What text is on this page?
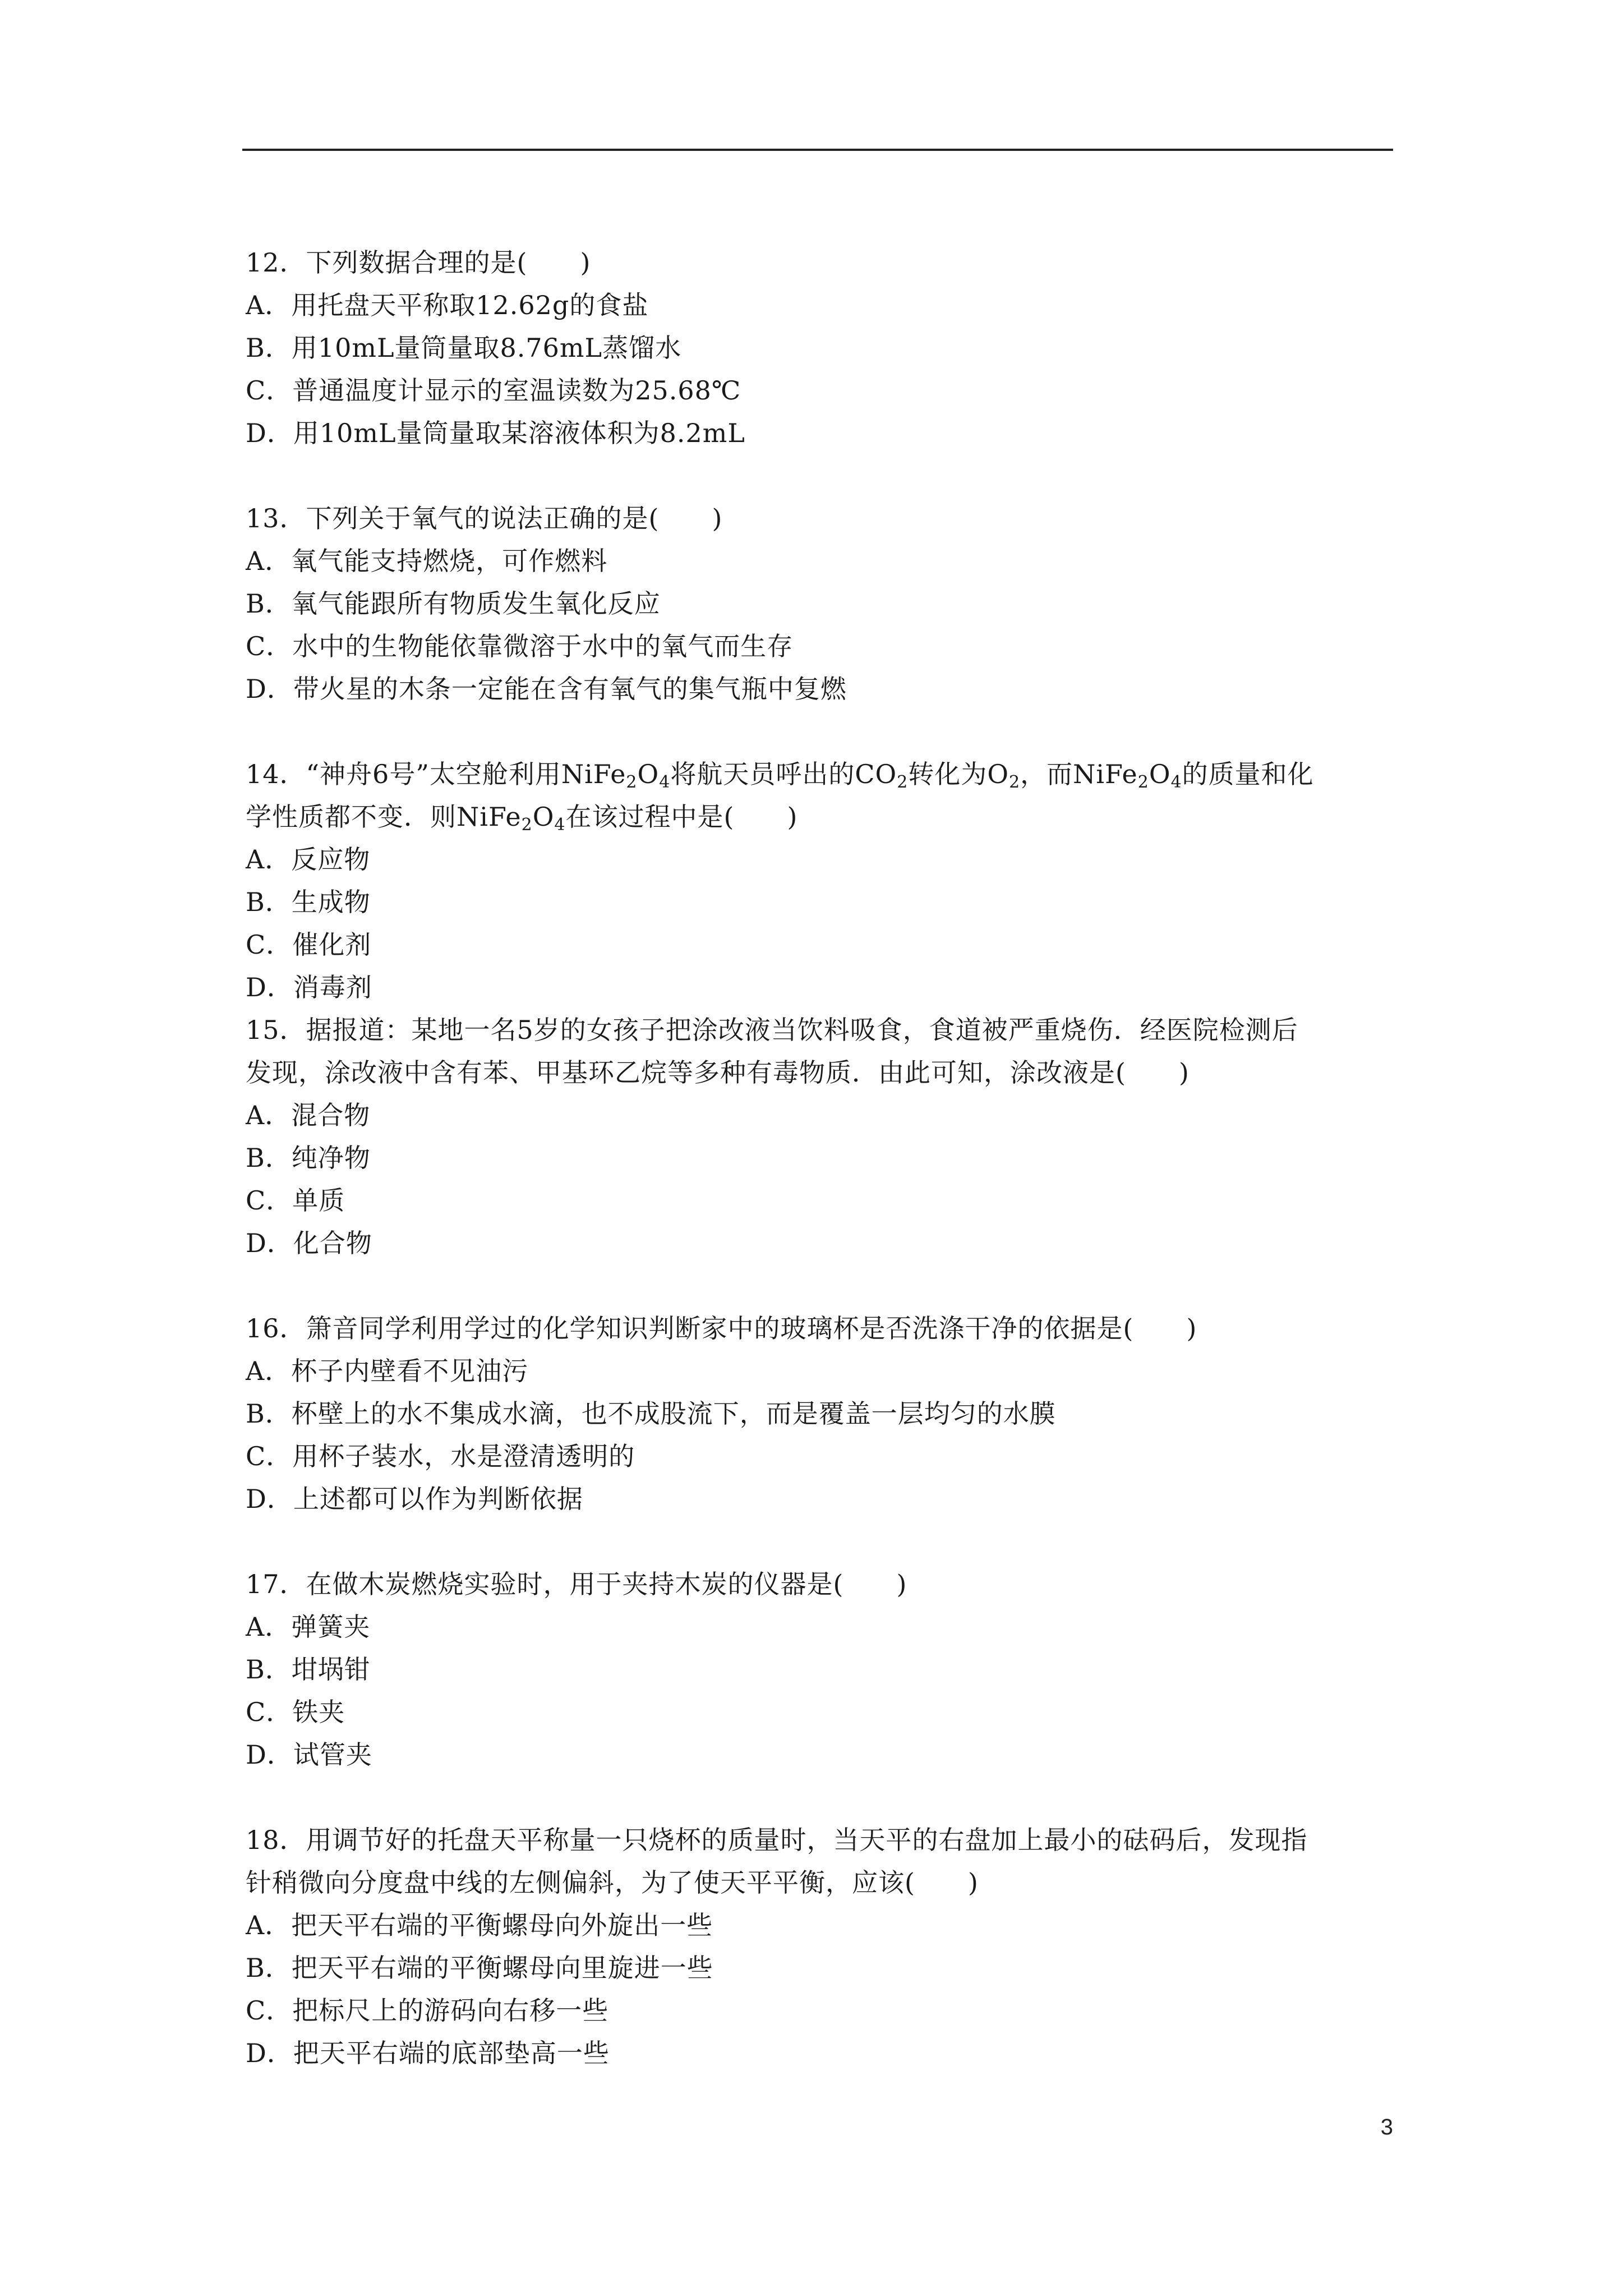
12．下列数据合理的是(　　)
A．用托盘天平称取12.62g的食盐
B．用10mL量筒量取8.76mL蒸馏水
C．普通温度计显示的室温读数为25.68℃
D．用10mL量筒量取某溶液体积为8.2mL
13．下列关于氧气的说法正确的是(　　)
A．氧气能支持燃烧，可作燃料
B．氧气能跟所有物质发生氧化反应
C．水中的生物能依靠微溶于水中的氧气而生存
D．带火星的木条一定能在含有氧气的集气瓶中复燃
14．“神舟6号”太空舱利用$NiFe_2O_4$将航天员呼出的$CO_2$转化为$O_2$，而$NiFe_2O_4$的质量和化
学性质都不变．则$NiFe_2O_4$在该过程中是(　　)
A．反应物
B．生成物
C．催化剂
D．消毒剂
15．据报道：某地一名5岁的女孩子把涂改液当饮料吸食，食道被严重烧伤．经医院检测后
发现，涂改液中含有苯、甲基环乙烷等多种有毒物质．由此可知，涂改液是(　　)
A．混合物
B．纯净物
C．单质
D．化合物
16．箫音同学利用学过的化学知识判断家中的玻璃杯是否洗涤干净的依据是(　　)
A．杯子内壁看不见油污
B．杯壁上的水不集成水滴，也不成股流下，而是覆盖一层均匀的水膜
C．用杯子装水，水是澄清透明的
D．上述都可以作为判断依据
17．在做木炭燃烧实验时，用于夹持木炭的仪器是(　　)
A．弹簧夹
B．坩埚钳
C．铁夹
D．试管夹
18．用调节好的托盘天平称量一只烧杯的质量时，当天平的右盘加上最小的砝码后，发现指
针稍微向分度盘中线的左侧偏斜，为了使天平平衡，应该(　　)
A．把天平右端的平衡螺母向外旋出一些
B．把天平右端的平衡螺母向里旋进一些
C．把标尺上的游码向右移一些
D．把天平右端的底部垫高一些
3
